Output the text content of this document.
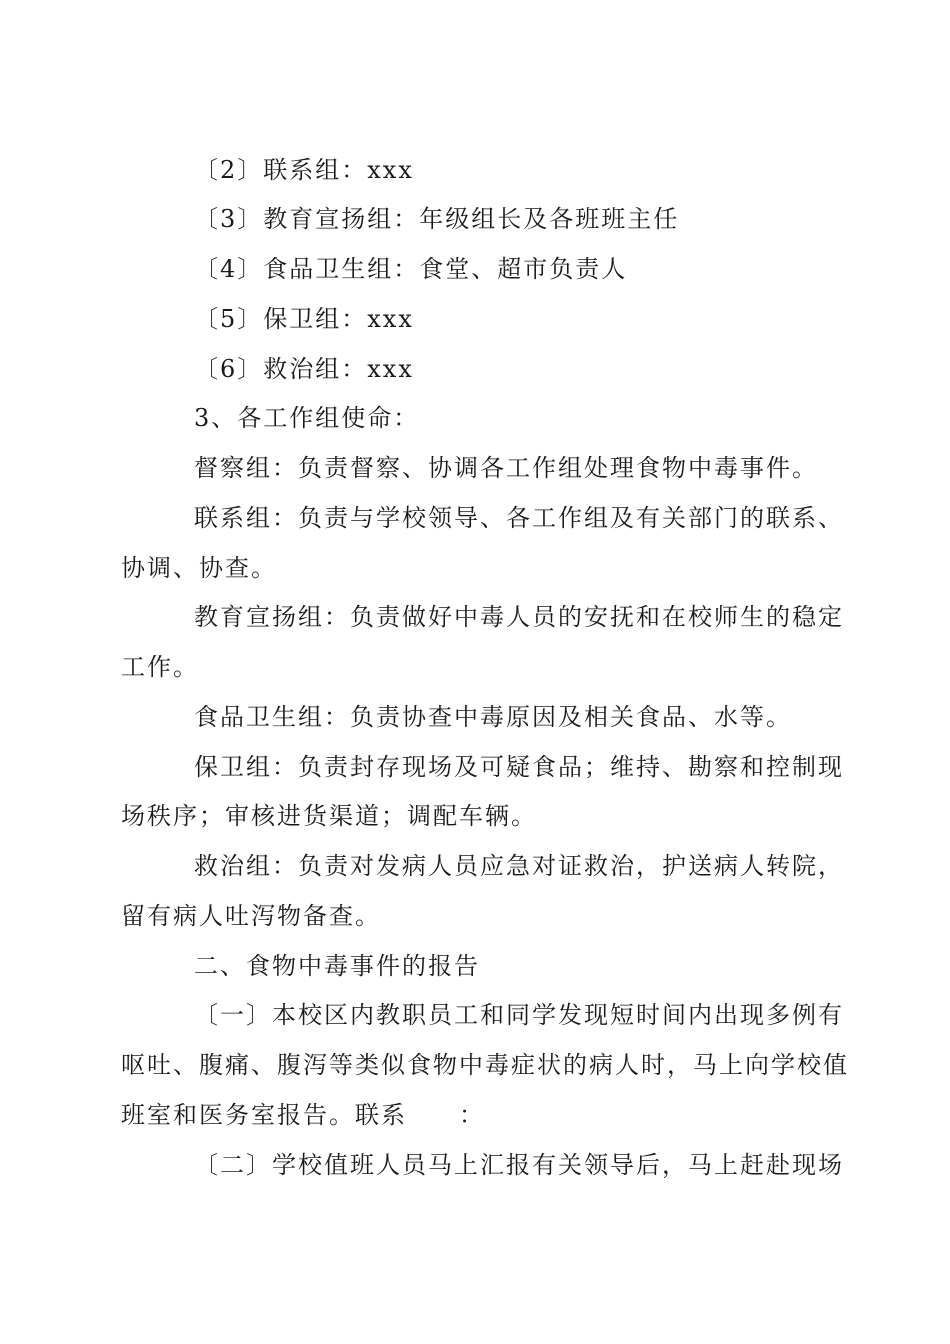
〔2〕联系组：xxx
〔3〕教育宣扬组：年级组长及各班班主任
〔4〕食品卫生组：食堂、超市负责人
〔5〕保卫组：xxx
〔6〕救治组：xxx
3、各工作组使命：
督察组：负责督察、协调各工作组处理食物中毒事件。
联系组：负责与学校领导、各工作组及有关部门的联系、
协调、协查。
教育宣扬组：负责做好中毒人员的安抚和在校师生的稳定
工作。
食品卫生组：负责协查中毒原因及相关食品、水等。
保卫组：负责封存现场及可疑食品；维持、勘察和控制现
场秩序；审核进货渠道；调配车辆。
救治组：负责对发病人员应急对证救治，护送病人转院，
留有病人吐泻物备查。
二、食物中毒事件的报告
〔一〕本校区内教职员工和同学发现短时间内出现多例有
呕吐、腹痛、腹泻等类似食物中毒症状的病人时，马上向学校值
班室和医务室报告。联系　　：
〔二〕学校值班人员马上汇报有关领导后，马上赶赴现场
